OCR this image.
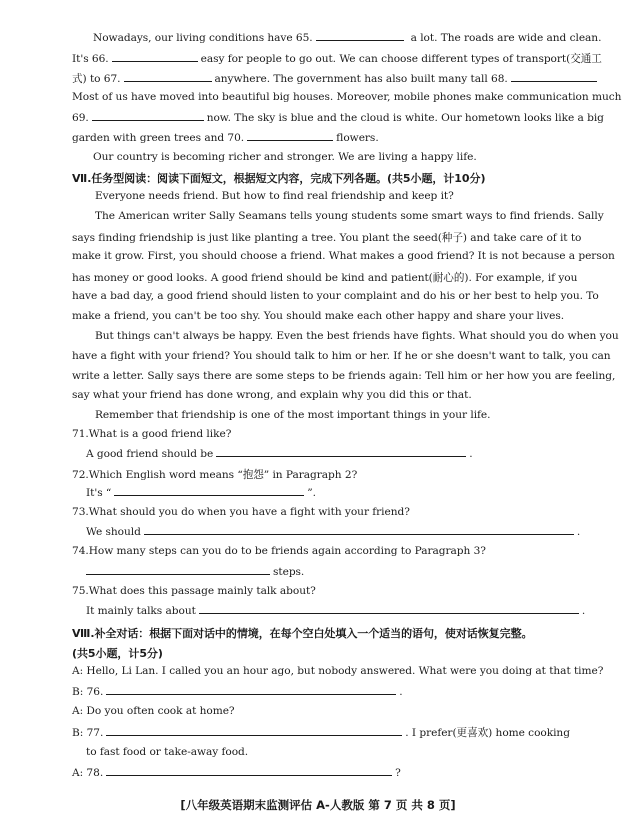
Nowadays, our living conditions have 65.	a lot. The roads are wide and clean.
It's 66.	easy for people to go out. We can choose different types of transport(交通工
式) to 67.	anywhere. The government has also built many tall 68.
Most of us have moved into beautiful big houses. Moreover, mobile phones make communication much
69.	now. The sky is blue and the cloud is white. Our hometown looks like a big
garden with green trees and 70.	flowers.
Our country is becoming richer and stronger. We are living a happy life.
Ⅶ.任务型阅读：阅读下面短文，根据短文内容，完成下列各题。(共5小题，计10分)
Everyone needs friend. But how to find real friendship and keep it?
The American writer Sally Seamans tells young students some smart ways to find friends. Sally
says finding friendship is just like planting a tree. You plant the seed(种子) and take care of it to
make it grow. First, you should choose a friend. What makes a good friend? It is not because a person
has money or good looks. A good friend should be kind and patient(耐心的). For example, if you
have a bad day, a good friend should listen to your complaint and do his or her best to help you. To
make a friend, you can't be too shy. You should make each other happy and share your lives.
But things can't always be happy. Even the best friends have fights. What should you do when you
have a fight with your friend? You should talk to him or her. If he or she doesn't want to talk, you can
write a letter. Sally says there are some steps to be friends again: Tell him or her how you are feeling,
say what your friend has done wrong, and explain why you did this or that.
Remember that friendship is one of the most important things in your life.
71.What is a good friend like?
A good friend should be	.
72.Which English word means “抱怨” in Paragraph 2?
It's “	”.
73.What should you do when you have a fight with your friend?
We should	.
74.How many steps can you do to be friends again according to Paragraph 3?
steps.
75.What does this passage mainly talk about?
It mainly talks about	.
Ⅷ.补全对话：根据下面对话中的情境，在每个空白处填入一个适当的语句，使对话恢复完整。
(共5小题，计5分)
A: Hello, Li Lan. I called you an hour ago, but nobody answered. What were you doing at that time?
B: 76.	.
A: Do you often cook at home?
B: 77.	. I prefer(更喜欢) home cooking
to fast food or take-away food.
A: 78.	?
[八年级英语期末监测评估 A-人教版 第 7 页 共 8 页]
